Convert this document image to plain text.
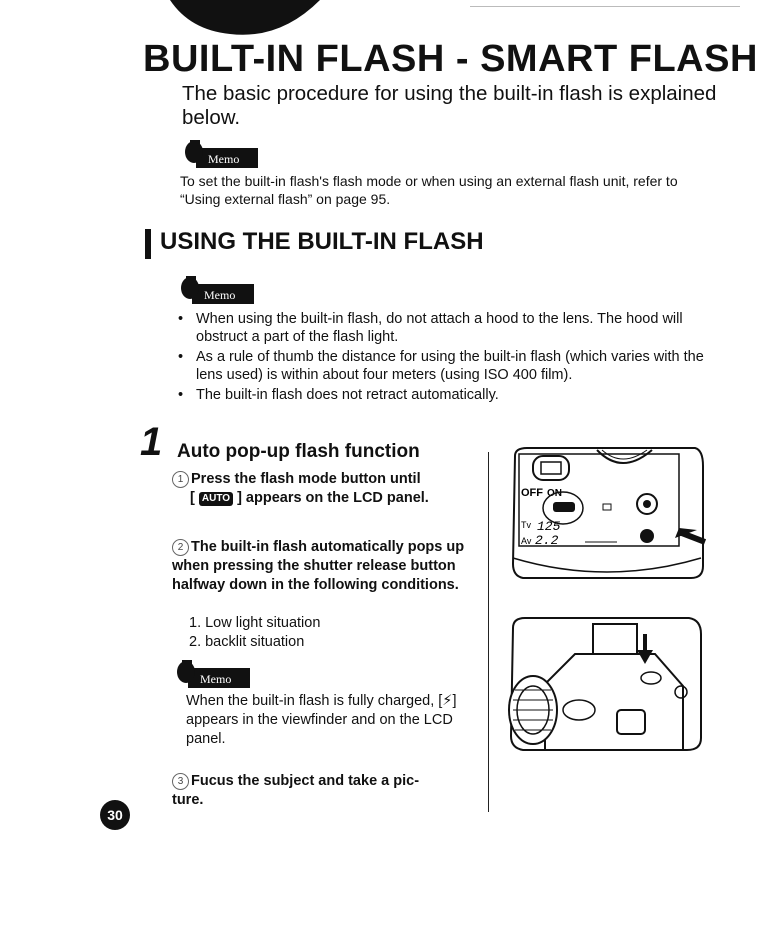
BUILT-IN FLASH - SMART FLASH
The basic procedure for using the built-in flash is explained below.
Memo
To set the built-in flash's flash mode or when using an external flash unit, refer to “Using external flash” on page 95.
USING THE BUILT-IN FLASH
Memo
• When using the built-in flash, do not attach a hood to the lens. The hood will obstruct a part of the flash light.
• As a rule of thumb the distance for using the built-in flash (which varies with the lens used) is within about four meters (using ISO 400 film).
• The built-in flash does not retract automatically.
1 Auto pop-up flash function
1 Press the flash mode button until
[ AUTO ] appears on the LCD panel.
2 The built-in flash automatically pops up when pressing the shutter release button halfway down in the following conditions.
1. Low light situation
2. backlit situation
Memo
When the built-in flash is fully charged, [⚡] appears in the viewfinder and on the LCD panel.
3 Fucus the subject and take a pic- ture.
OFF ON
Tv 125
Av 2.2
30
